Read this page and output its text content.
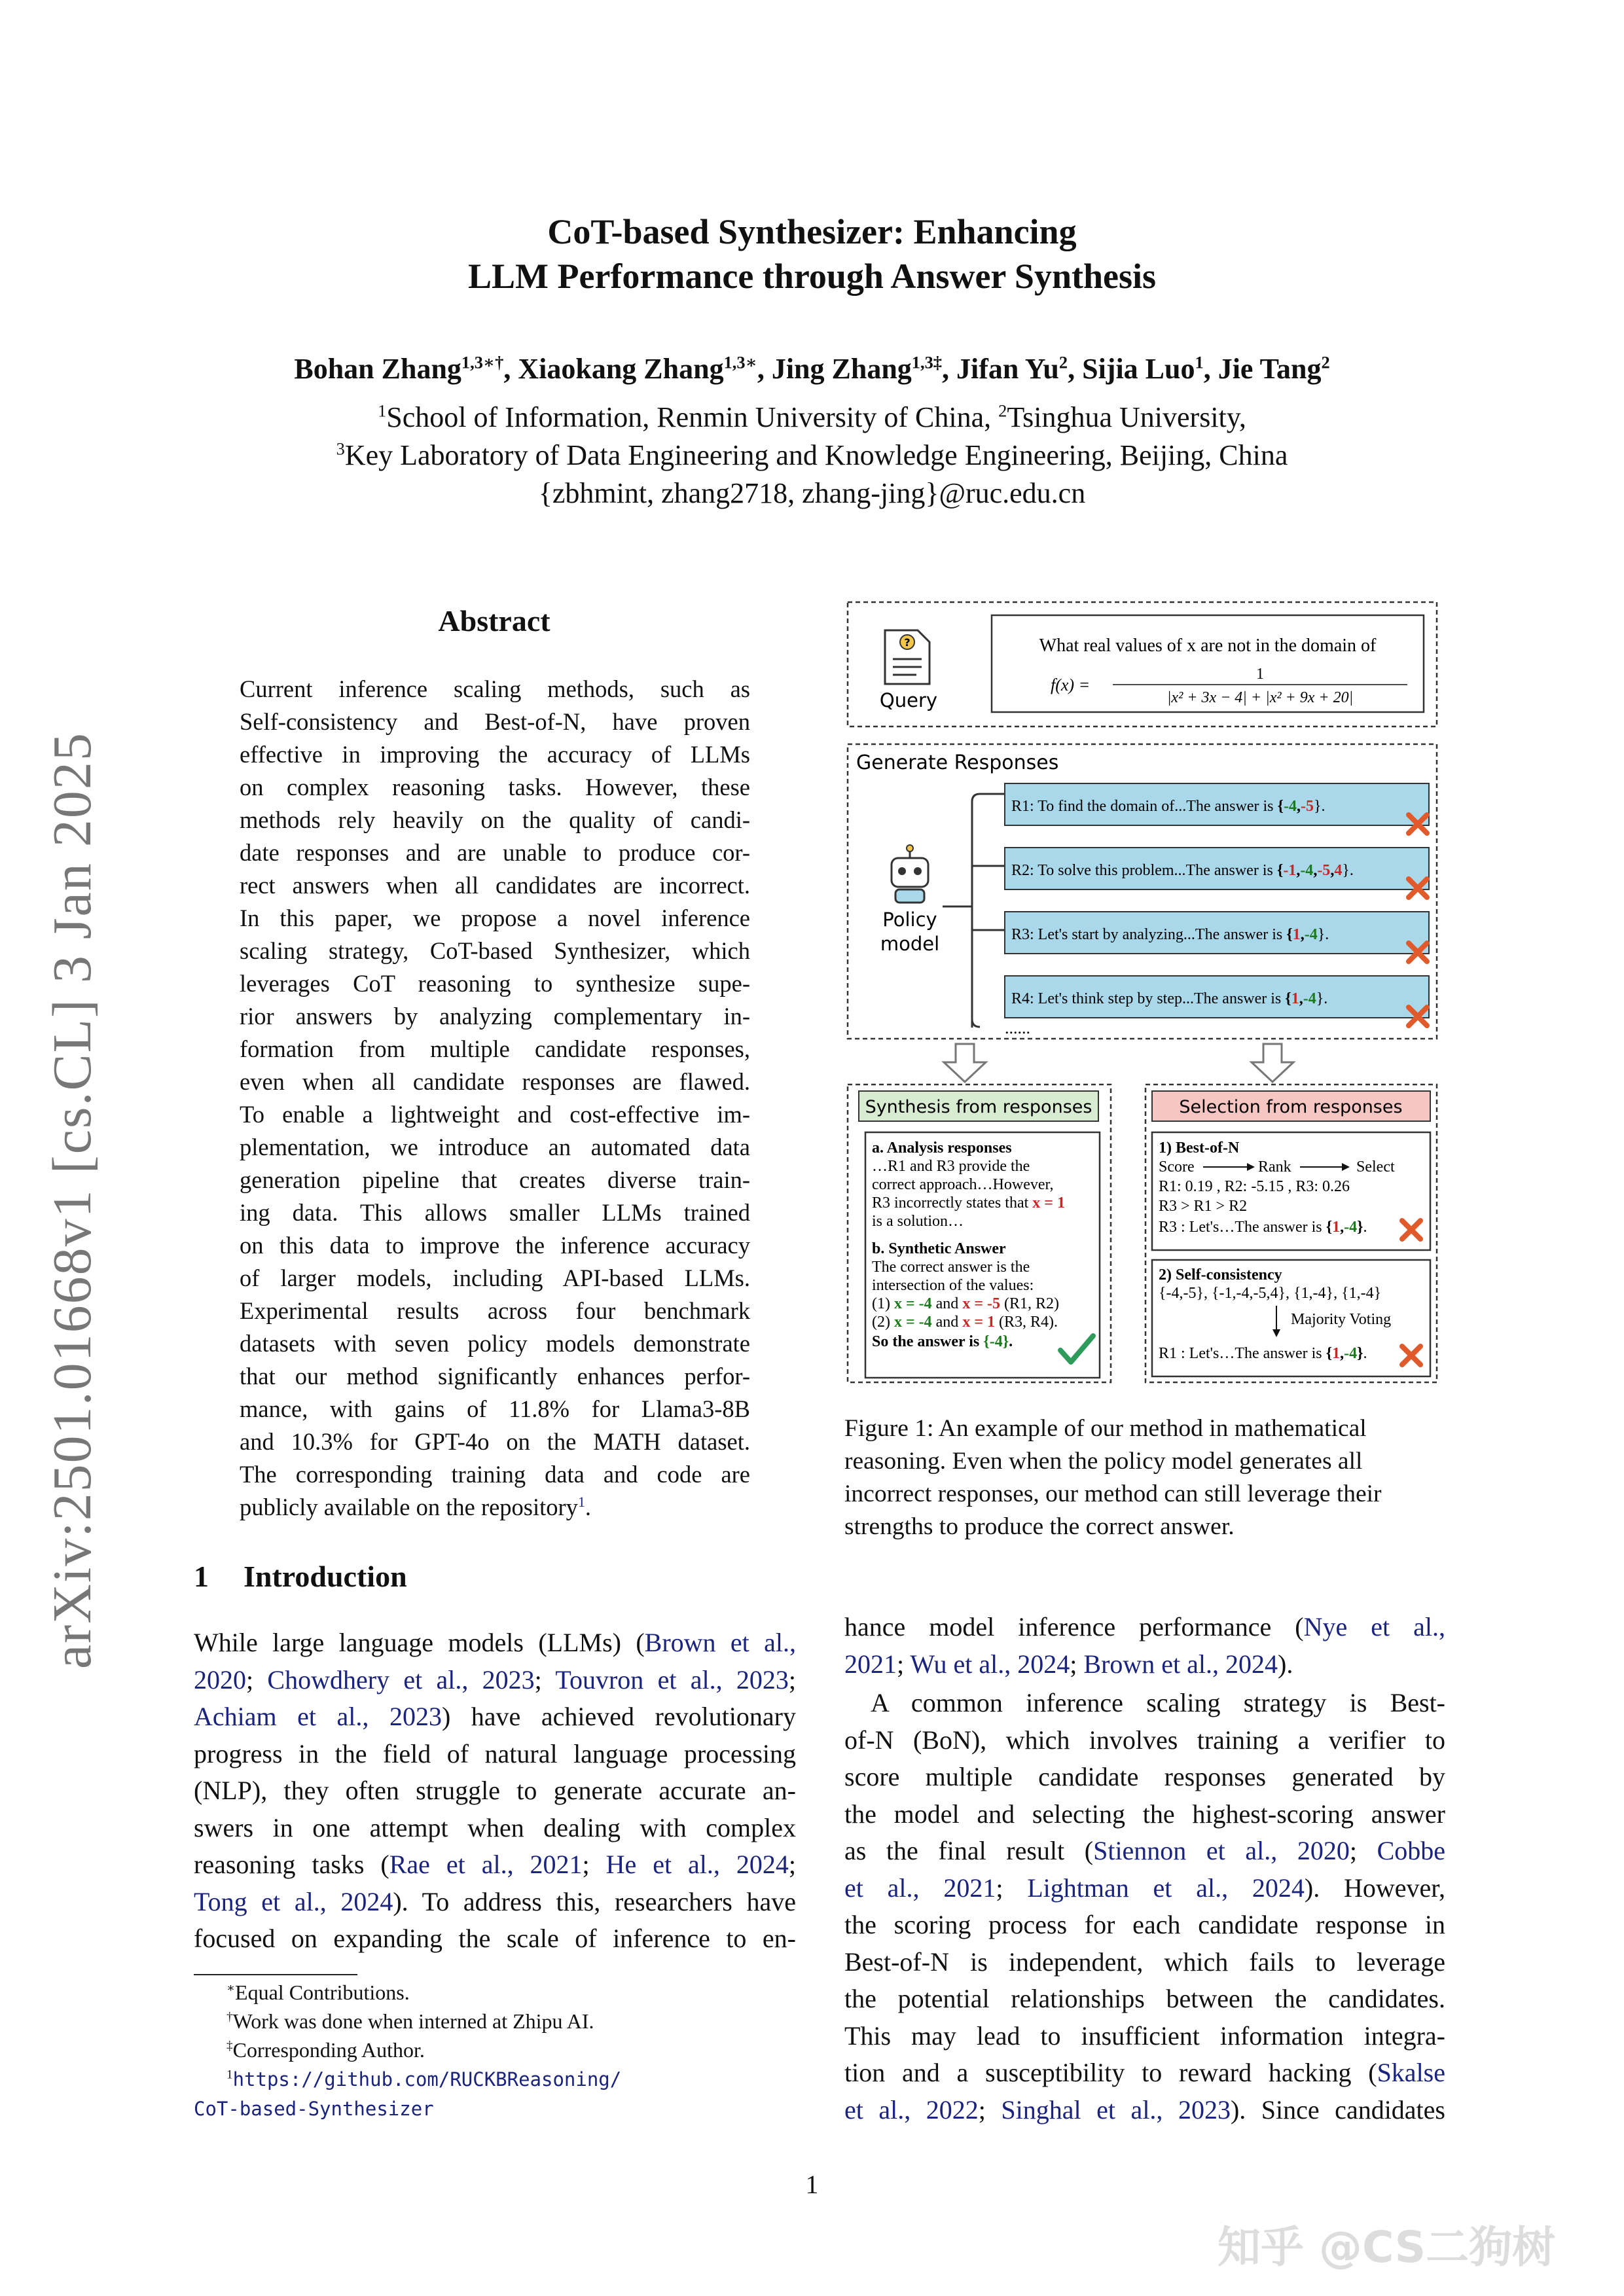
CoT-based Synthesizer: Enhancing
LLM Performance through Answer Synthesis
Bohan Zhang$^{1,3∗\dagger}$, Xiaokang Zhang$^{1,3∗}$, Jing Zhang$^{1,3\ddagger}$, Jifan Yu$^2$, Sijia Luo$^1$, Jie Tang$^2$
$^1$School of Information, Renmin University of China, $^2$Tsinghua University,
$^3$Key Laboratory of Data Engineering and Knowledge Engineering, Beijing, China
{zbhmint, zhang2718, zhang-jing}@ruc.edu.cn
arXiv:2501.01668v1 [cs.CL] 3 Jan 2025
Abstract
Current inference scaling methods, such as
Self-consistency and Best-of-N, have proven
effective in improving the accuracy of LLMs
on complex reasoning tasks. However, these
methods rely heavily on the quality of candi-
date responses and are unable to produce cor-
rect answers when all candidates are incorrect.
In this paper, we propose a novel inference
scaling strategy, CoT-based Synthesizer, which
leverages CoT reasoning to synthesize supe-
rior answers by analyzing complementary in-
formation from multiple candidate responses,
even when all candidate responses are flawed.
To enable a lightweight and cost-effective im-
plementation, we introduce an automated data
generation pipeline that creates diverse train-
ing data. This allows smaller LLMs trained
on this data to improve the inference accuracy
of larger models, including API-based LLMs.
Experimental results across four benchmark
datasets with seven policy models demonstrate
that our method significantly enhances perfor-
mance, with gains of 11.8% for Llama3-8B
and 10.3% for GPT-4o on the MATH dataset.
The corresponding training data and code are
publicly available on the repository$^1$.
?
Query
What real values of x are not in the domain of
f(x) =
1
|x² + 3x − 4| + |x² + 9x + 20|
Generate Responses
Policy
model
R1: To find the domain of...The answer is {-4,-5}.
R2: To solve this problem...The answer is {-1,-4,-5,4}.
R3: Let's start by analyzing...The answer is {1,-4}.
R4: Let's think step by step...The answer is {1,-4}.
......
Synthesis from responses
a. Analysis responses
…R1 and R3 provide the
correct approach…However,
R3 incorrectly states that x = 1
is a solution…
b. Synthetic Answer
The correct answer is the
intersection of the values:
(1) x = -4 and x = -5 (R1, R2)
(2) x = -4 and x = 1 (R3, R4).
So the answer is {-4}.
Selection from responses
1) Best-of-N
Score	Rank	Select
R1: 0.19 , R2: -5.15 , R3: 0.26
R3 > R1 > R2
R3 : Let's…The answer is {1,-4}.
2) Self-consistency
{-4,-5}, {-1,-4,-5,4}, {1,-4}, {1,-4}
Majority Voting
R1 : Let's…The answer is {1,-4}.
Figure 1: An example of our method in mathematical
reasoning. Even when the policy model generates all
incorrect responses, our method can still leverage their
strengths to produce the correct answer.
1 Introduction
While large language models (LLMs) (Brown et al.,
2020; Chowdhery et al., 2023; Touvron et al., 2023;
Achiam et al., 2023) have achieved revolutionary
progress in the field of natural language processing
(NLP), they often struggle to generate accurate an-
swers in one attempt when dealing with complex
reasoning tasks (Rae et al., 2021; He et al., 2024;
Tong et al., 2024). To address this, researchers have
focused on expanding the scale of inference to en-
hance model inference performance (Nye et al.,
2021; Wu et al., 2024; Brown et al., 2024).
A common inference scaling strategy is Best-
of-N (BoN), which involves training a verifier to
score multiple candidate responses generated by
the model and selecting the highest-scoring answer
as the final result (Stiennon et al., 2020; Cobbe
et al., 2021; Lightman et al., 2024). However,
the scoring process for each candidate response in
Best-of-N is independent, which fails to leverage
the potential relationships between the candidates.
This may lead to insufficient information integra-
tion and a susceptibility to reward hacking (Skalse
et al., 2022; Singhal et al., 2023). Since candidates
∗Equal Contributions.
†Work was done when interned at Zhipu AI.
‡Corresponding Author.
$^1$https://github.com/RUCKBReasoning/
CoT-based-Synthesizer
1
知乎 @CS二狗树
